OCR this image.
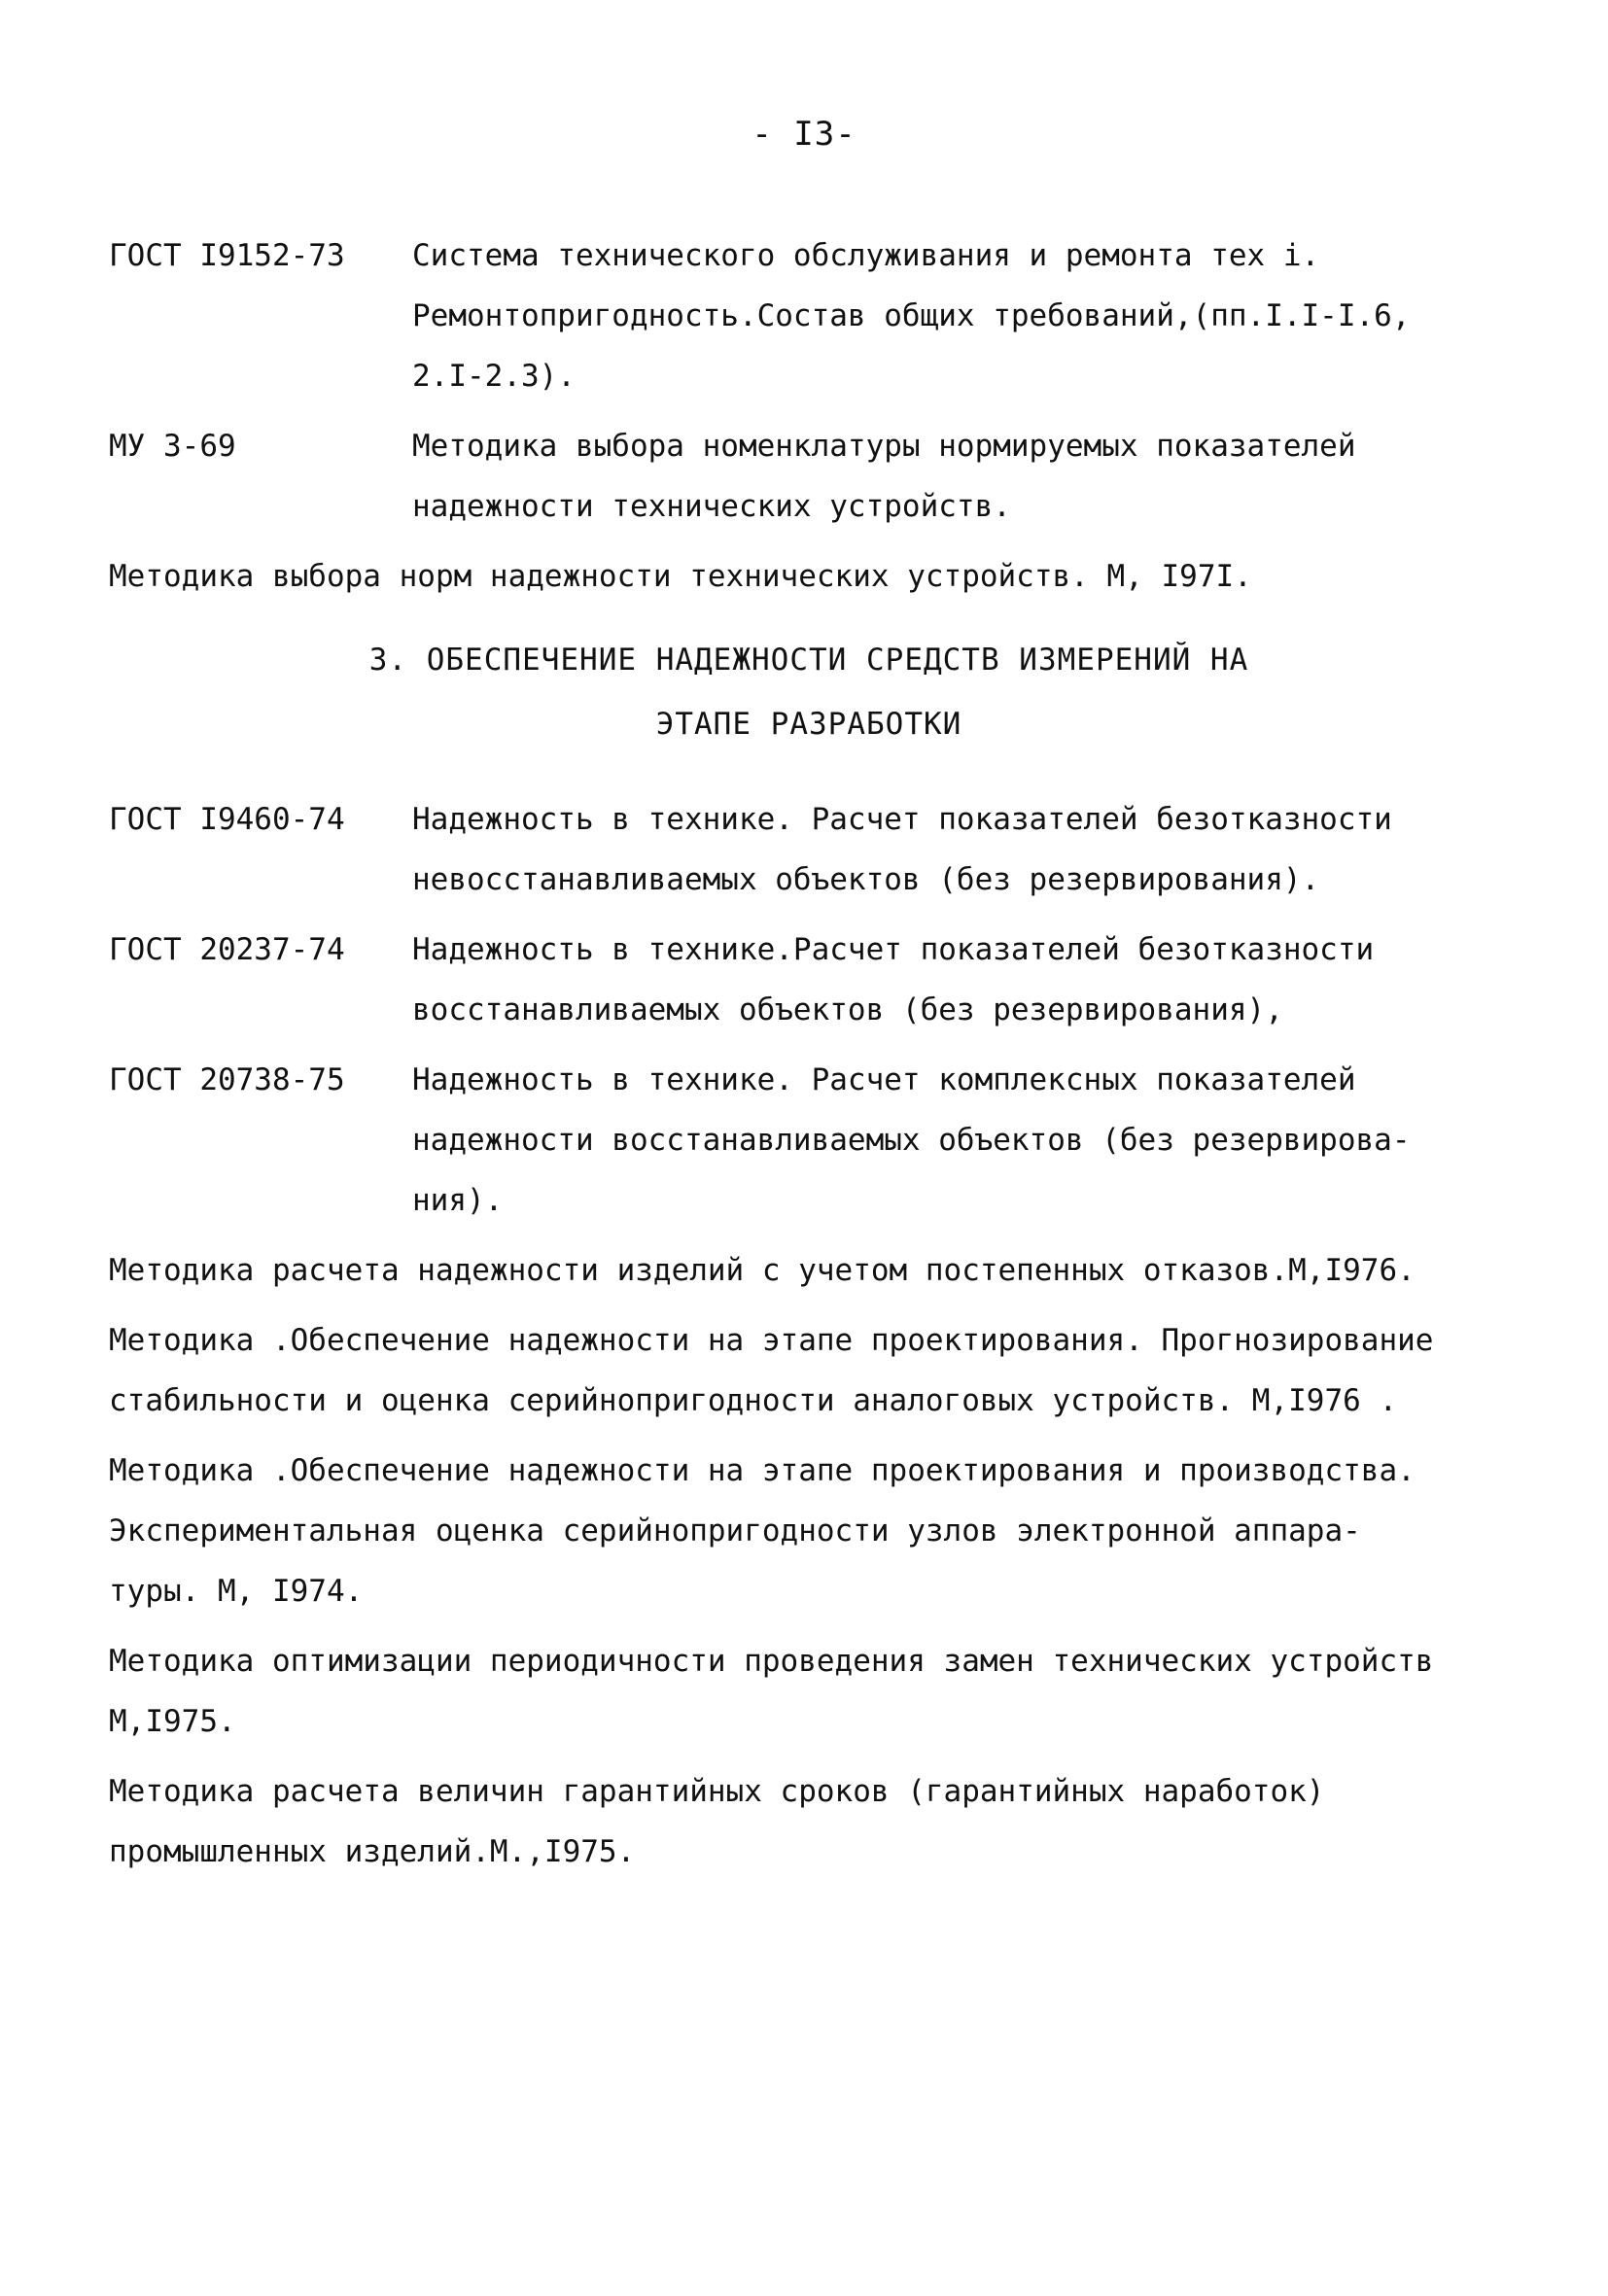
- I3-
ГОСТ I9152-73	Система технического обслуживания и ремонта тех i.
Ремонтопригодность.Состав общих требований,(пп.I.I-I.6,
2.I-2.3).
МУ 3-69	Методика выбора номенклатуры нормируемых показателей
надежности технических устройств.
Методика выбора норм надежности технических устройств. М, I97I.
3. ОБЕСПЕЧЕНИЕ НАДЕЖНОСТИ СРЕДСТВ ИЗМЕРЕНИЙ НА
ЭТАПЕ РАЗРАБОТКИ
ГОСТ I9460-74	Надежность в технике. Расчет показателей безотказности
невосстанавливаемых объектов (без резервирования).
ГОСТ 20237-74	Надежность в технике.Расчет показателей безотказности
восстанавливаемых объектов (без резервирования),
ГОСТ 20738-75	Надежность в технике. Расчет комплексных показателей
надежности восстанавливаемых объектов (без резервирова-
ния).
Методика расчета надежности изделий с учетом постепенных отказов.М,I976.
Методика .Обеспечение надежности на этапе проектирования. Прогнозирование
стабильности и оценка серийнопригодности аналоговых устройств. М,I976 .
Методика .Обеспечение надежности на этапе проектирования и производства.
Экспериментальная оценка серийнопригодности узлов электронной аппара-
туры. М, I974.
Методика оптимизации периодичности проведения замен технических устройств
М,I975.
Методика расчета величин гарантийных сроков (гарантийных наработок)
промышленных изделий.М.,I975.
